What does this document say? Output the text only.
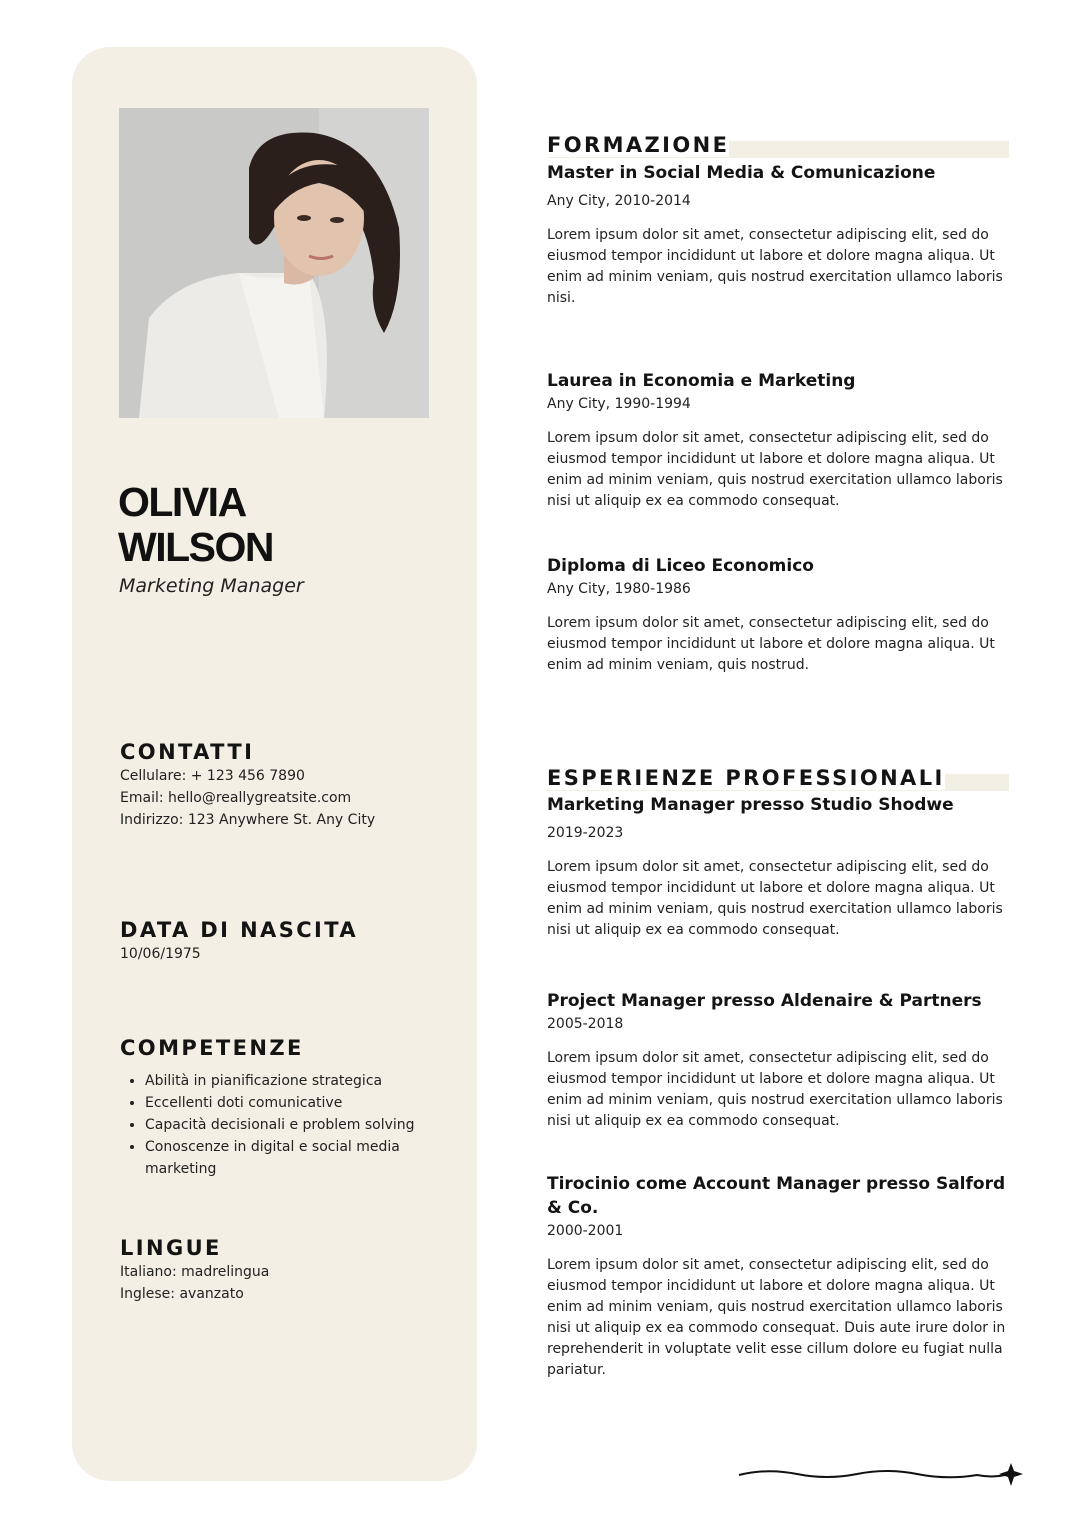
OLIVIA
WILSON
Marketing Manager
CONTATTI
Cellulare: + 123 456 7890
Email: hello@reallygreatsite.com
Indirizzo: 123 Anywhere St. Any City
DATA DI NASCITA
10/06/1975
COMPETENZE
• Abilità in pianificazione strategica
• Eccellenti doti comunicative
• Capacità decisionali e problem solving
• Conoscenze in digital e social media marketing
LINGUE
Italiano: madrelingua
Inglese: avanzato
FORMAZIONE
Master in Social Media & Comunicazione
Any City, 2010-2014
Lorem ipsum dolor sit amet, consectetur adipiscing elit, sed do eiusmod tempor incididunt ut labore et dolore magna aliqua. Ut enim ad minim veniam, quis nostrud exercitation ullamco laboris nisi.
Laurea in Economia e Marketing
Any City, 1990-1994
Lorem ipsum dolor sit amet, consectetur adipiscing elit, sed do eiusmod tempor incididunt ut labore et dolore magna aliqua. Ut enim ad minim veniam, quis nostrud exercitation ullamco laboris nisi ut aliquip ex ea commodo consequat.
Diploma di Liceo Economico
Any City, 1980-1986
Lorem ipsum dolor sit amet, consectetur adipiscing elit, sed do eiusmod tempor incididunt ut labore et dolore magna aliqua. Ut enim ad minim veniam, quis nostrud.
ESPERIENZE PROFESSIONALI
Marketing Manager presso Studio Shodwe
2019-2023
Lorem ipsum dolor sit amet, consectetur adipiscing elit, sed do eiusmod tempor incididunt ut labore et dolore magna aliqua. Ut enim ad minim veniam, quis nostrud exercitation ullamco laboris nisi ut aliquip ex ea commodo consequat.
Project Manager presso Aldenaire & Partners
2005-2018
Lorem ipsum dolor sit amet, consectetur adipiscing elit, sed do eiusmod tempor incididunt ut labore et dolore magna aliqua. Ut enim ad minim veniam, quis nostrud exercitation ullamco laboris nisi ut aliquip ex ea commodo consequat.
Tirocinio come Account Manager presso Salford & Co.
2000-2001
Lorem ipsum dolor sit amet, consectetur adipiscing elit, sed do eiusmod tempor incididunt ut labore et dolore magna aliqua. Ut enim ad minim veniam, quis nostrud exercitation ullamco laboris nisi ut aliquip ex ea commodo consequat. Duis aute irure dolor in reprehenderit in voluptate velit esse cillum dolore eu fugiat nulla pariatur.
